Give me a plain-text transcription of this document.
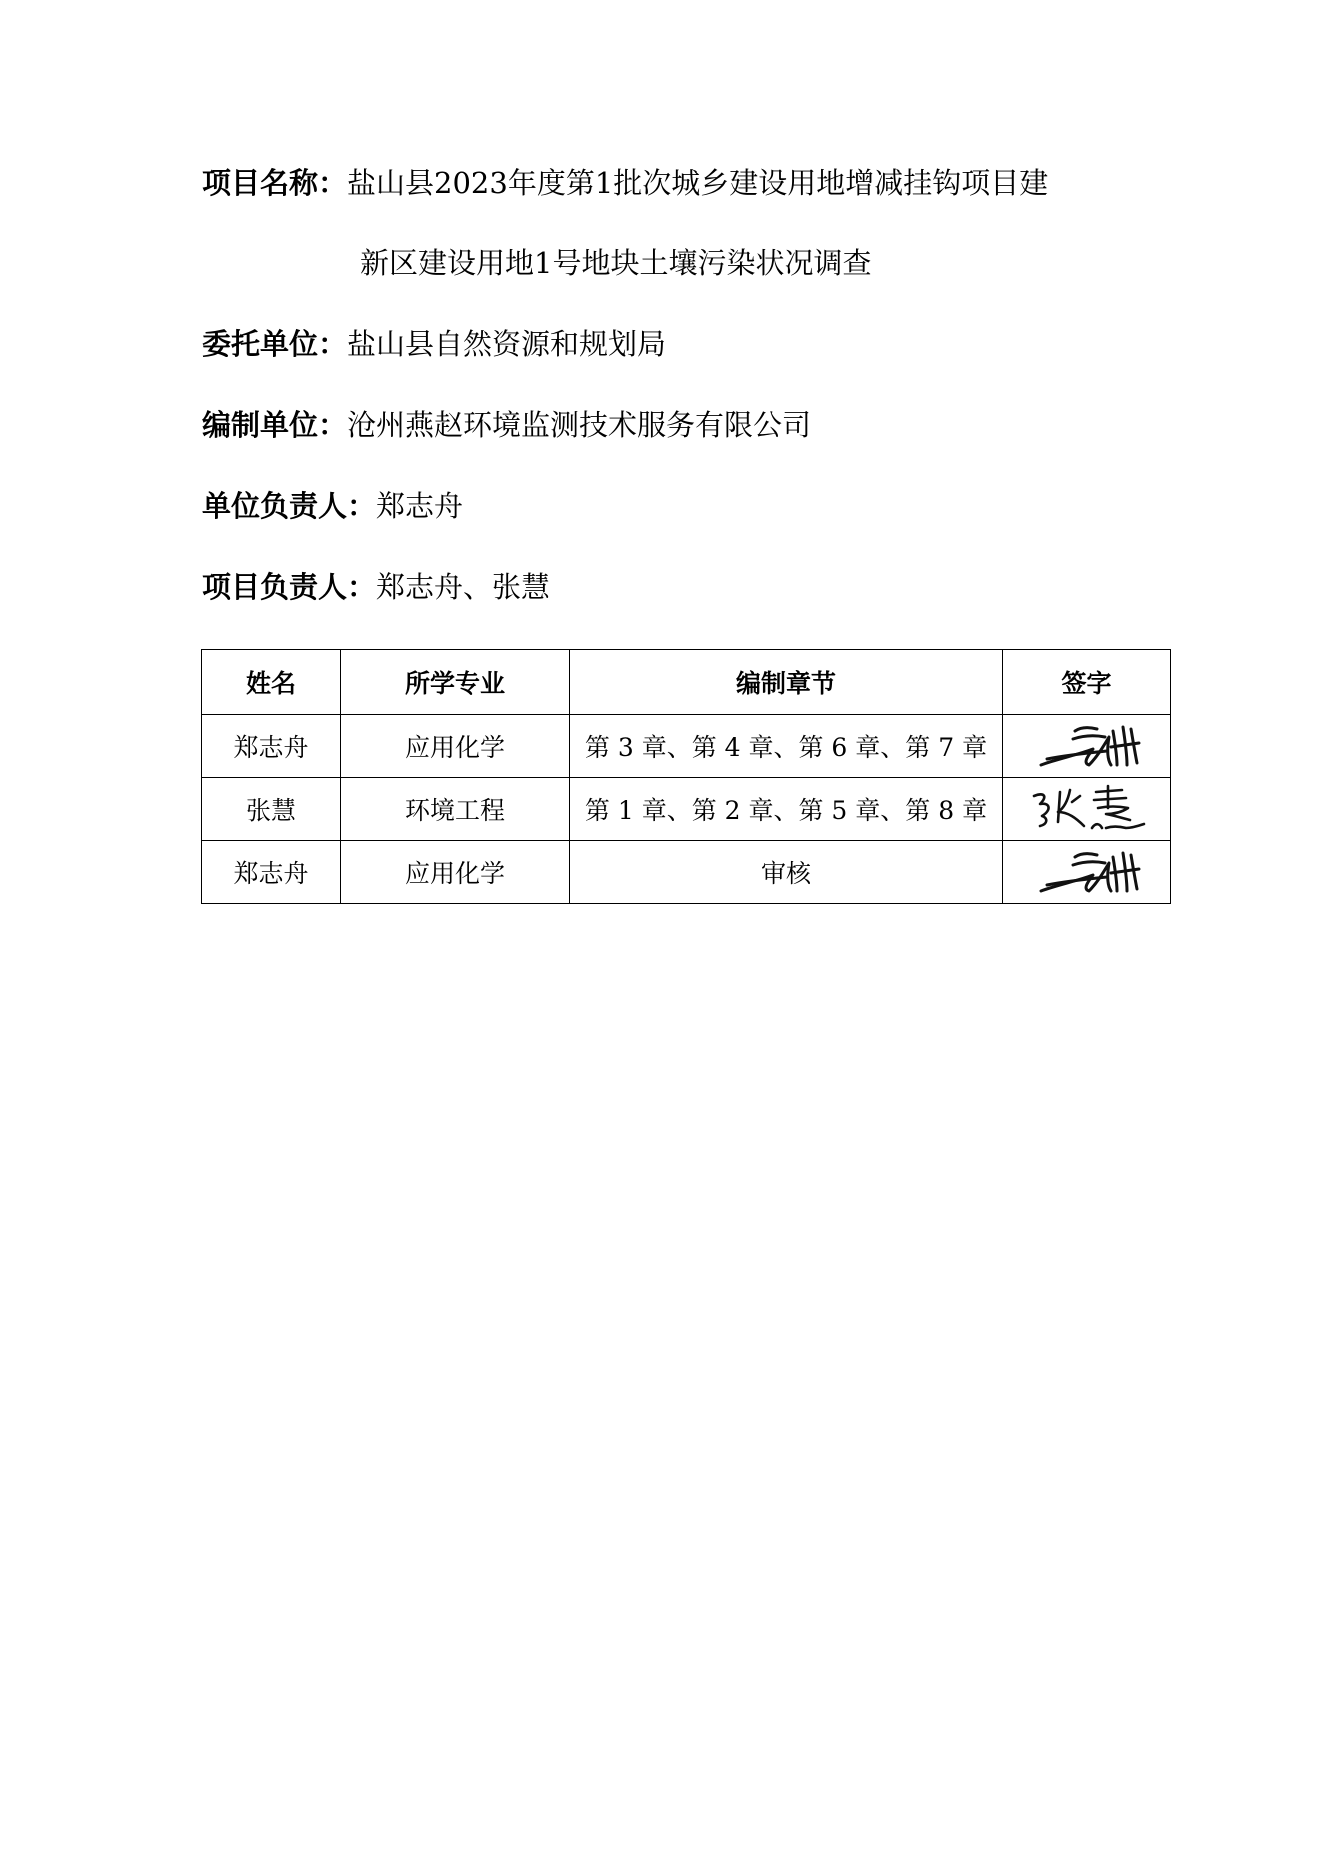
项目名称：盐山县2023年度第1批次城乡建设用地增减挂钩项目建
新区建设用地1号地块土壤污染状况调查
委托单位：盐山县自然资源和规划局
编制单位：沧州燕赵环境监测技术服务有限公司
单位负责人：郑志舟
项目负责人：郑志舟、张慧
姓名	所学专业	编制章节	签字
郑志舟	应用化学	第 3 章、第 4 章、第 6 章、第 7 章	

张慧	环境工程	第 1 章、第 2 章、第 5 章、第 8 章	

郑志舟	应用化学	审核	
